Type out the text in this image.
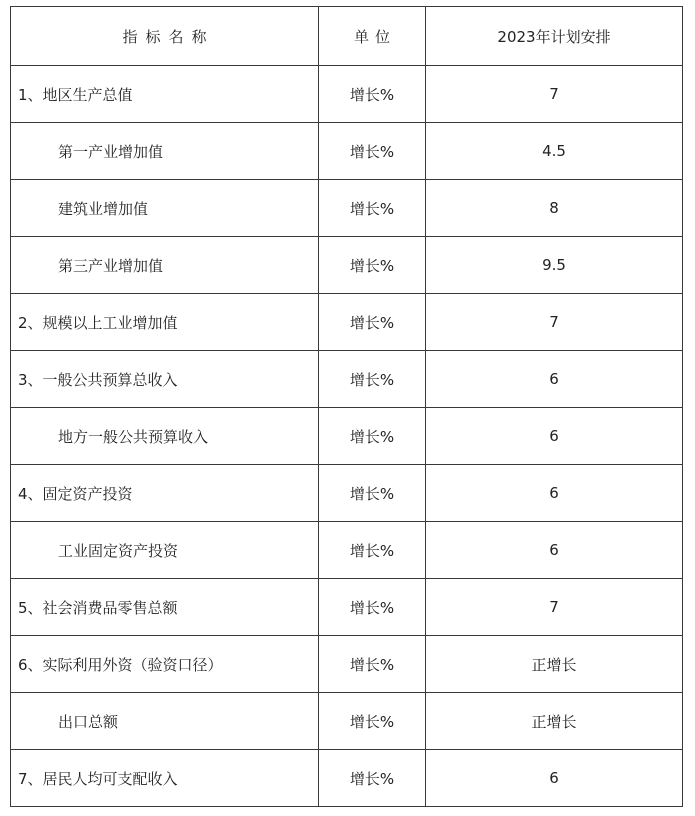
指标名称	单位	2023年计划安排
1、地区生产总值	增长%	7
第一产业增加值	增长%	4.5
建筑业增加值	增长%	8
第三产业增加值	增长%	9.5
2、规模以上工业增加值	增长%	7
3、一般公共预算总收入	增长%	6
地方一般公共预算收入	增长%	6
4、固定资产投资	增长%	6
工业固定资产投资	增长%	6
5、社会消费品零售总额	增长%	7
6、实际利用外资（验资口径）	增长%	正增长
出口总额	增长%	正增长
7、居民人均可支配收入	增长%	6
